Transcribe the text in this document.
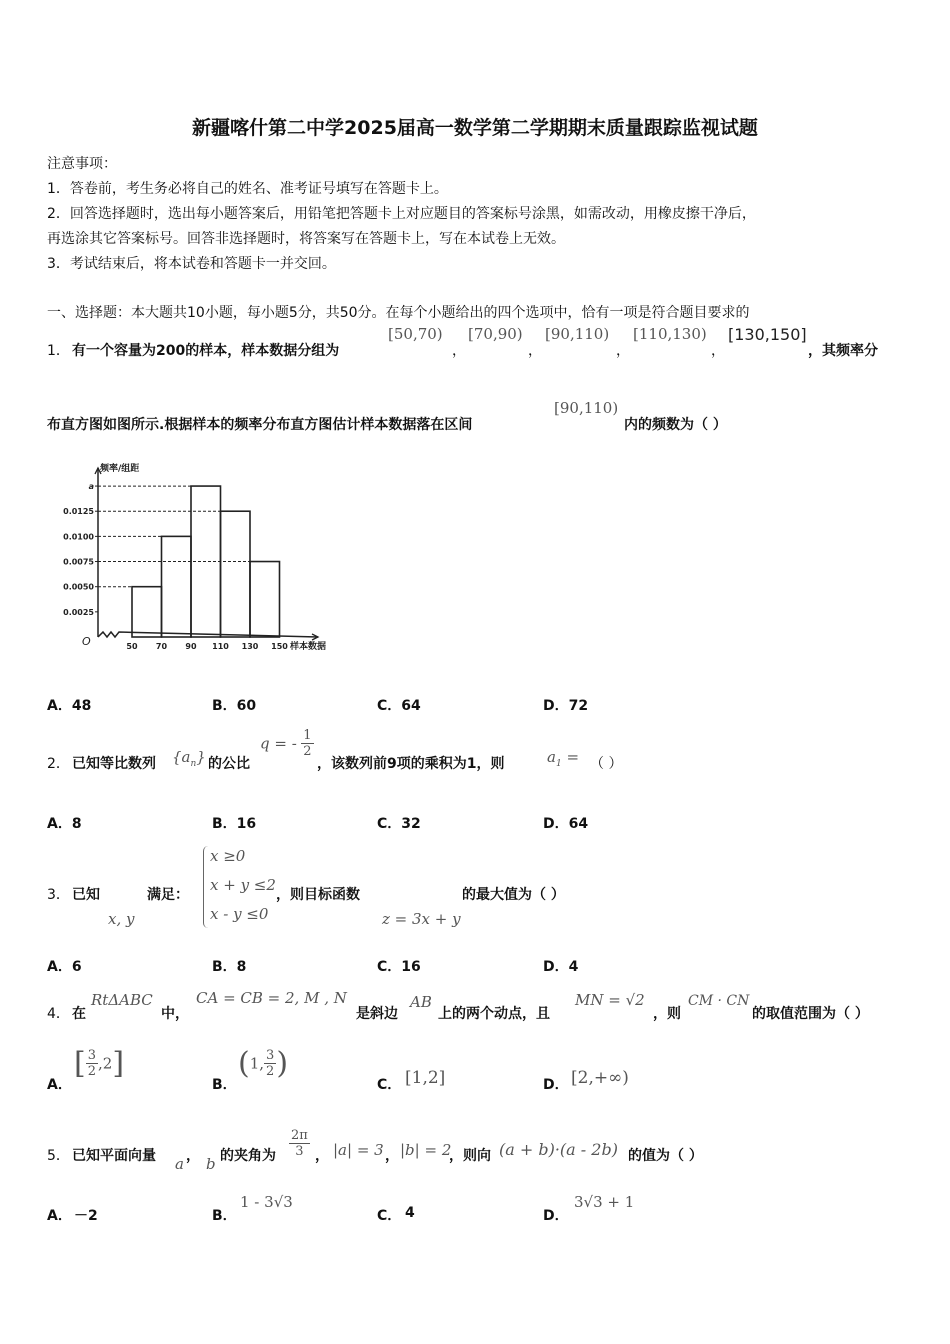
新疆喀什第二中学2025届高一数学第二学期期末质量跟踪监视试题
注意事项：
1．答卷前，考生务必将自己的姓名、准考证号填写在答题卡上。
2．回答选择题时，选出每小题答案后，用铅笔把答题卡上对应题目的答案标号涂黑，如需改动，用橡皮擦干净后，
再选涂其它答案标号。回答非选择题时，将答案写在答题卡上，写在本试卷上无效。
3．考试结束后，将本试卷和答题卡一并交回。
一、选择题：本大题共10小题，每小题5分，共50分。在每个小题给出的四个选项中，恰有一项是符合题目要求的
1． 有一个容量为200的样本，样本数据分组为
[50,70)
，
[70,90)
，
[90,110)
，
[110,130)
，
[130,150]
，其频率分
布直方图如图所示.根据样本的频率分布直方图估计样本数据落在区间
[90,110)
内的频数为（ ）
频率/组距
样本数据
O
0.0025
0.0050
0.0075
0.0100
0.0125
a
50 70 90 110 130 150
A．48	B．60	C．64	D．72
2． 已知等比数列 $\{a_n\}$ 的公比
q = - $\frac{1}{2}$
，该数列前9项的乘积为1，则	$a_1$ = （ ）
A．8	B．16	C．32	D．64
3． 已知
x, y
满足：
x ≥0
x + y ≤2
x - y ≤0
，则目标函数
z = 3x + y
的最大值为（ ）
A．6	B．8	C．16	D．4
4． 在
RtΔABC
中，
CA = CB = 2, M , N
是斜边
AB
上的两个动点，且
MN = √2
，则
CM · CN
的取值范围为（ ）
A．
[ $\frac{3}{2} ,2$]
B．
(1, $\frac{3}{2}$ )
C． [1,2]	D． [2,+∞)
5． 已知平面向量 a ， b 的夹角为 $\frac{2\pi}{3}$ ， |a| = 3 ， |b| = 2
，则向 (a + b)·(a - 2b) 的值为（ ）
A． －2	B．
1 - 3√3
C． 4	D．
3√3 + 1
